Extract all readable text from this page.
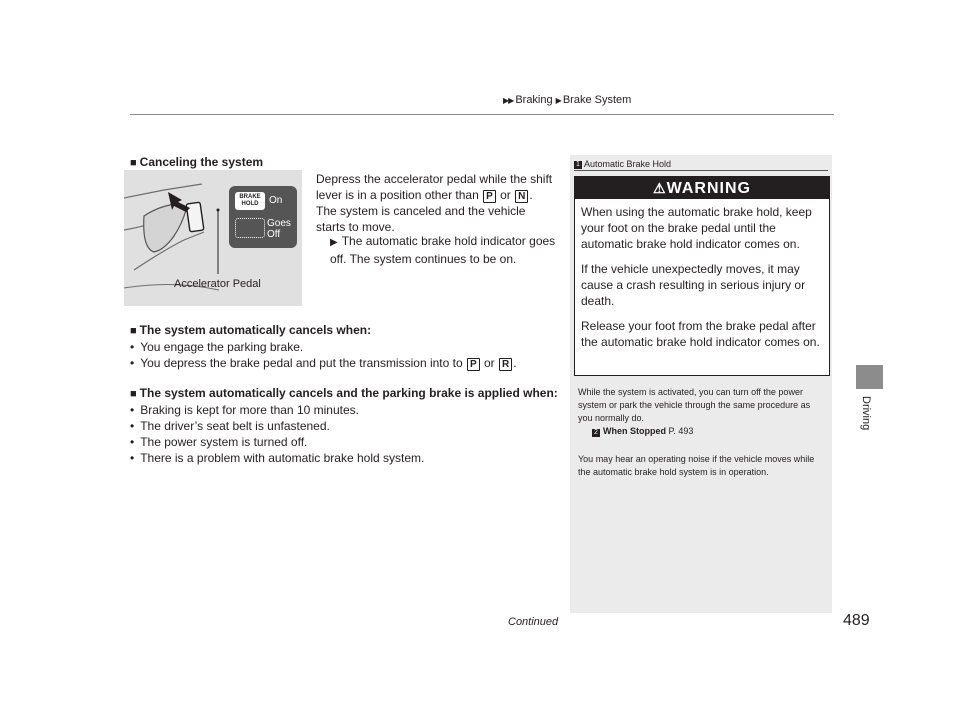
▶▶ Braking ▶ Brake System
Driving
■ Canceling the system
Depress the accelerator pedal while the shift lever is in a position other than P or N . The system is canceled and the vehicle starts to move.
▶ The automatic brake hold indicator goes off. The system continues to be on.
BRAKE HOLD	On
Goes Off
Accelerator Pedal
■ The system automatically cancels when:
• You engage the parking brake.
• You depress the brake pedal and put the transmission into to P or R .
■ The system automatically cancels and the parking brake is applied when:
• Braking is kept for more than 10 minutes.
• The driver’s seat belt is unfastened.
• The power system is turned off.
• There is a problem with automatic brake hold system.
1 Automatic Brake Hold
⚠WARNING
When using the automatic brake hold, keep your foot on the brake pedal until the automatic brake hold indicator comes on.
If the vehicle unexpectedly moves, it may cause a crash resulting in serious injury or death.
Release your foot from the brake pedal after the automatic brake hold indicator comes on.
While the system is activated, you can turn off the power system or park the vehicle through the same procedure as you normally do.
2 When Stopped P. 493
You may hear an operating noise if the vehicle moves while the automatic brake hold system is in operation.
Continued	489
